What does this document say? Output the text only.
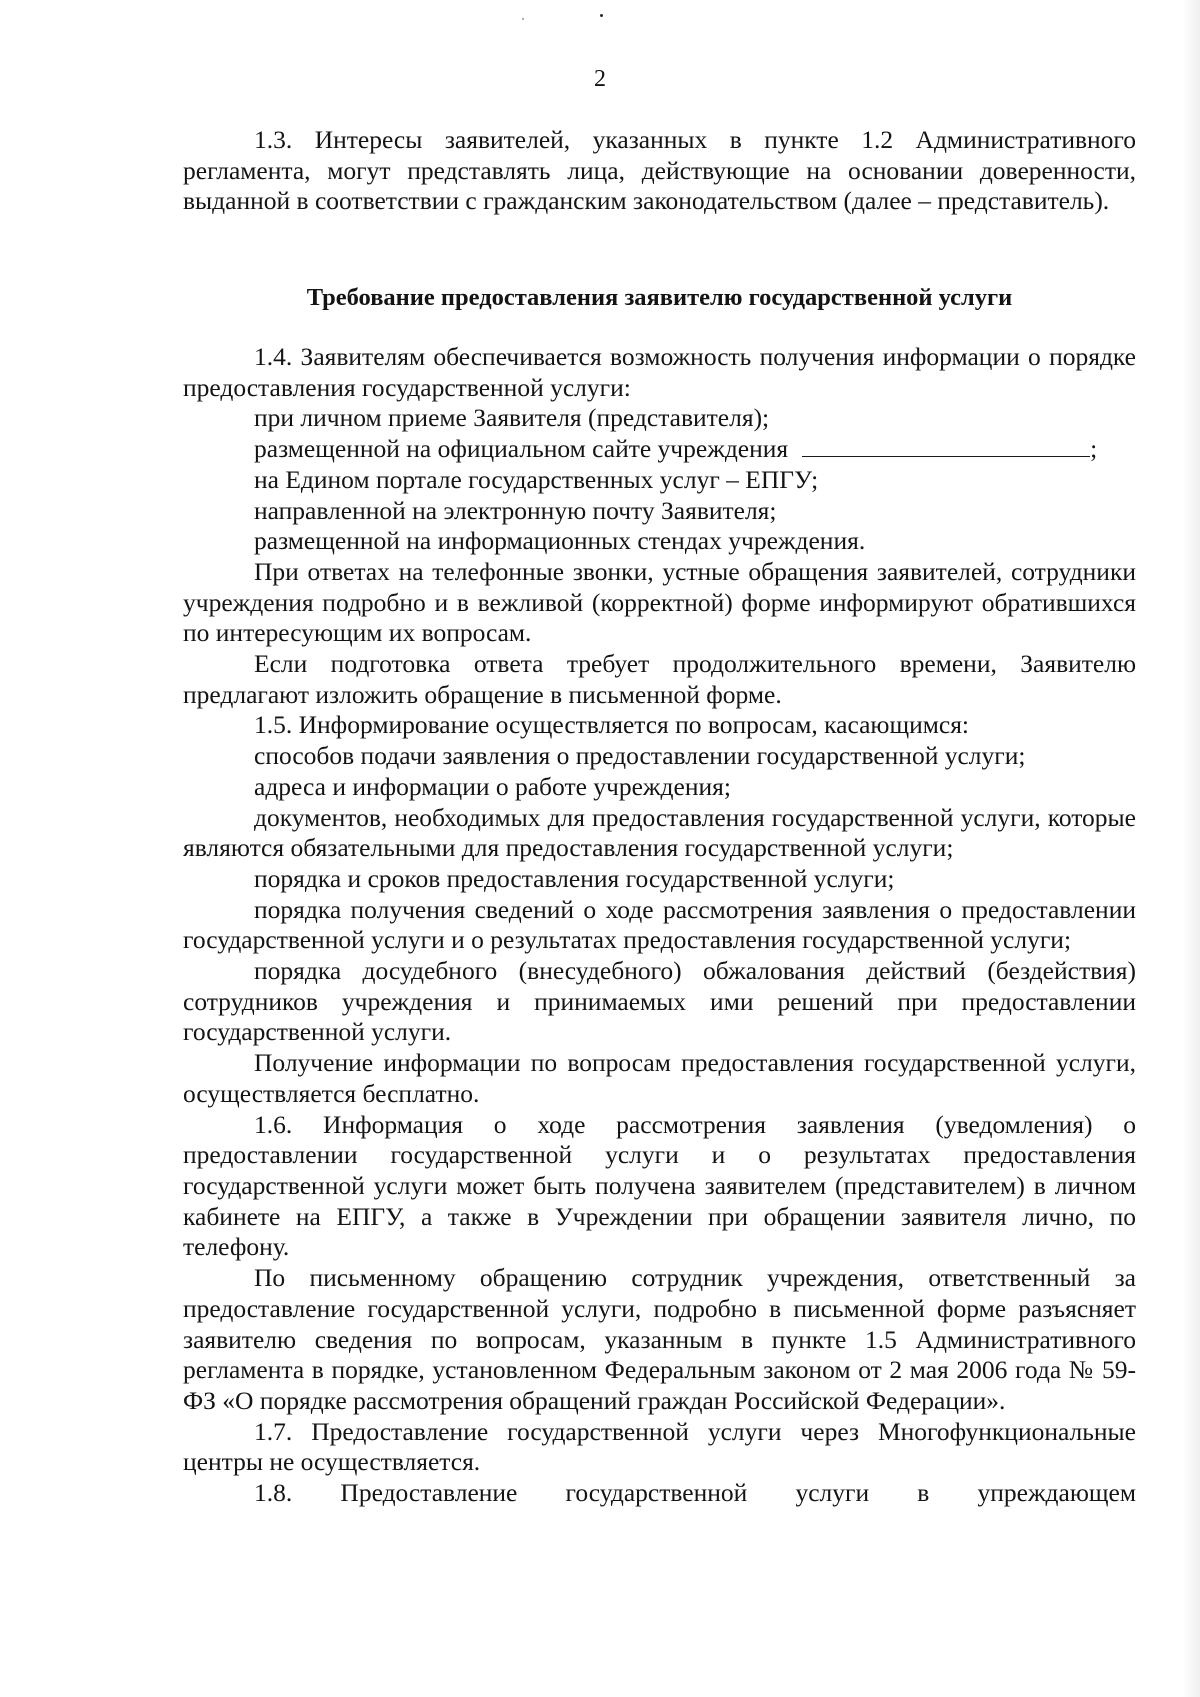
2

1.3. Интересы заявителей, указанных в пункте 1.2 Административного регламента, могут представлять лица, действующие на основании доверенности, выданной в соответствии с гражданским законодательством (далее – представитель).

Требование предоставления заявителю государственной услуги

1.4. Заявителям обеспечивается возможность получения информации о порядке предоставления государственной услуги:

при личном приеме Заявителя (представителя);

размещенной на официальном сайте учреждения	;

на Едином портале государственных услуг – ЕПГУ;

направленной на электронную почту Заявителя;

размещенной на информационных стендах учреждения.

При ответах на телефонные звонки, устные обращения заявителей, сотрудники учреждения подробно и в вежливой (корректной) форме информируют обратившихся по интересующим их вопросам.

Если подготовка ответа требует продолжительного времени, Заявителю предлагают изложить обращение в письменной форме.

1.5. Информирование осуществляется по вопросам, касающимся:

способов подачи заявления о предоставлении государственной услуги;

адреса и информации о работе учреждения;

документов, необходимых для предоставления государственной услуги, которые являются обязательными для предоставления государственной услуги;

порядка и сроков предоставления государственной услуги;

порядка получения сведений о ходе рассмотрения заявления о предоставлении государственной услуги и о результатах предоставления государственной услуги;

порядка досудебного (внесудебного) обжалования действий (бездействия) сотрудников учреждения и принимаемых ими решений при предоставлении государственной услуги.

Получение информации по вопросам предоставления государственной услуги, осуществляется бесплатно.

1.6. Информация о ходе рассмотрения заявления (уведомления) о предоставлении государственной услуги и о результатах предоставления государственной услуги может быть получена заявителем (представителем) в личном кабинете на ЕПГУ, а также в Учреждении при обращении заявителя лично, по телефону.

По письменному обращению сотрудник учреждения, ответственный за предоставление государственной услуги, подробно в письменной форме разъясняет заявителю сведения по вопросам, указанным в пункте 1.5 Административного регламента в порядке, установленном Федеральным законом от 2 мая 2006 года № 59-ФЗ «О порядке рассмотрения обращений граждан Российской Федерации».

1.7. Предоставление государственной услуги через Многофункциональные центры не осуществляется.

1.8. Предоставление государственной услуги в упреждающем
